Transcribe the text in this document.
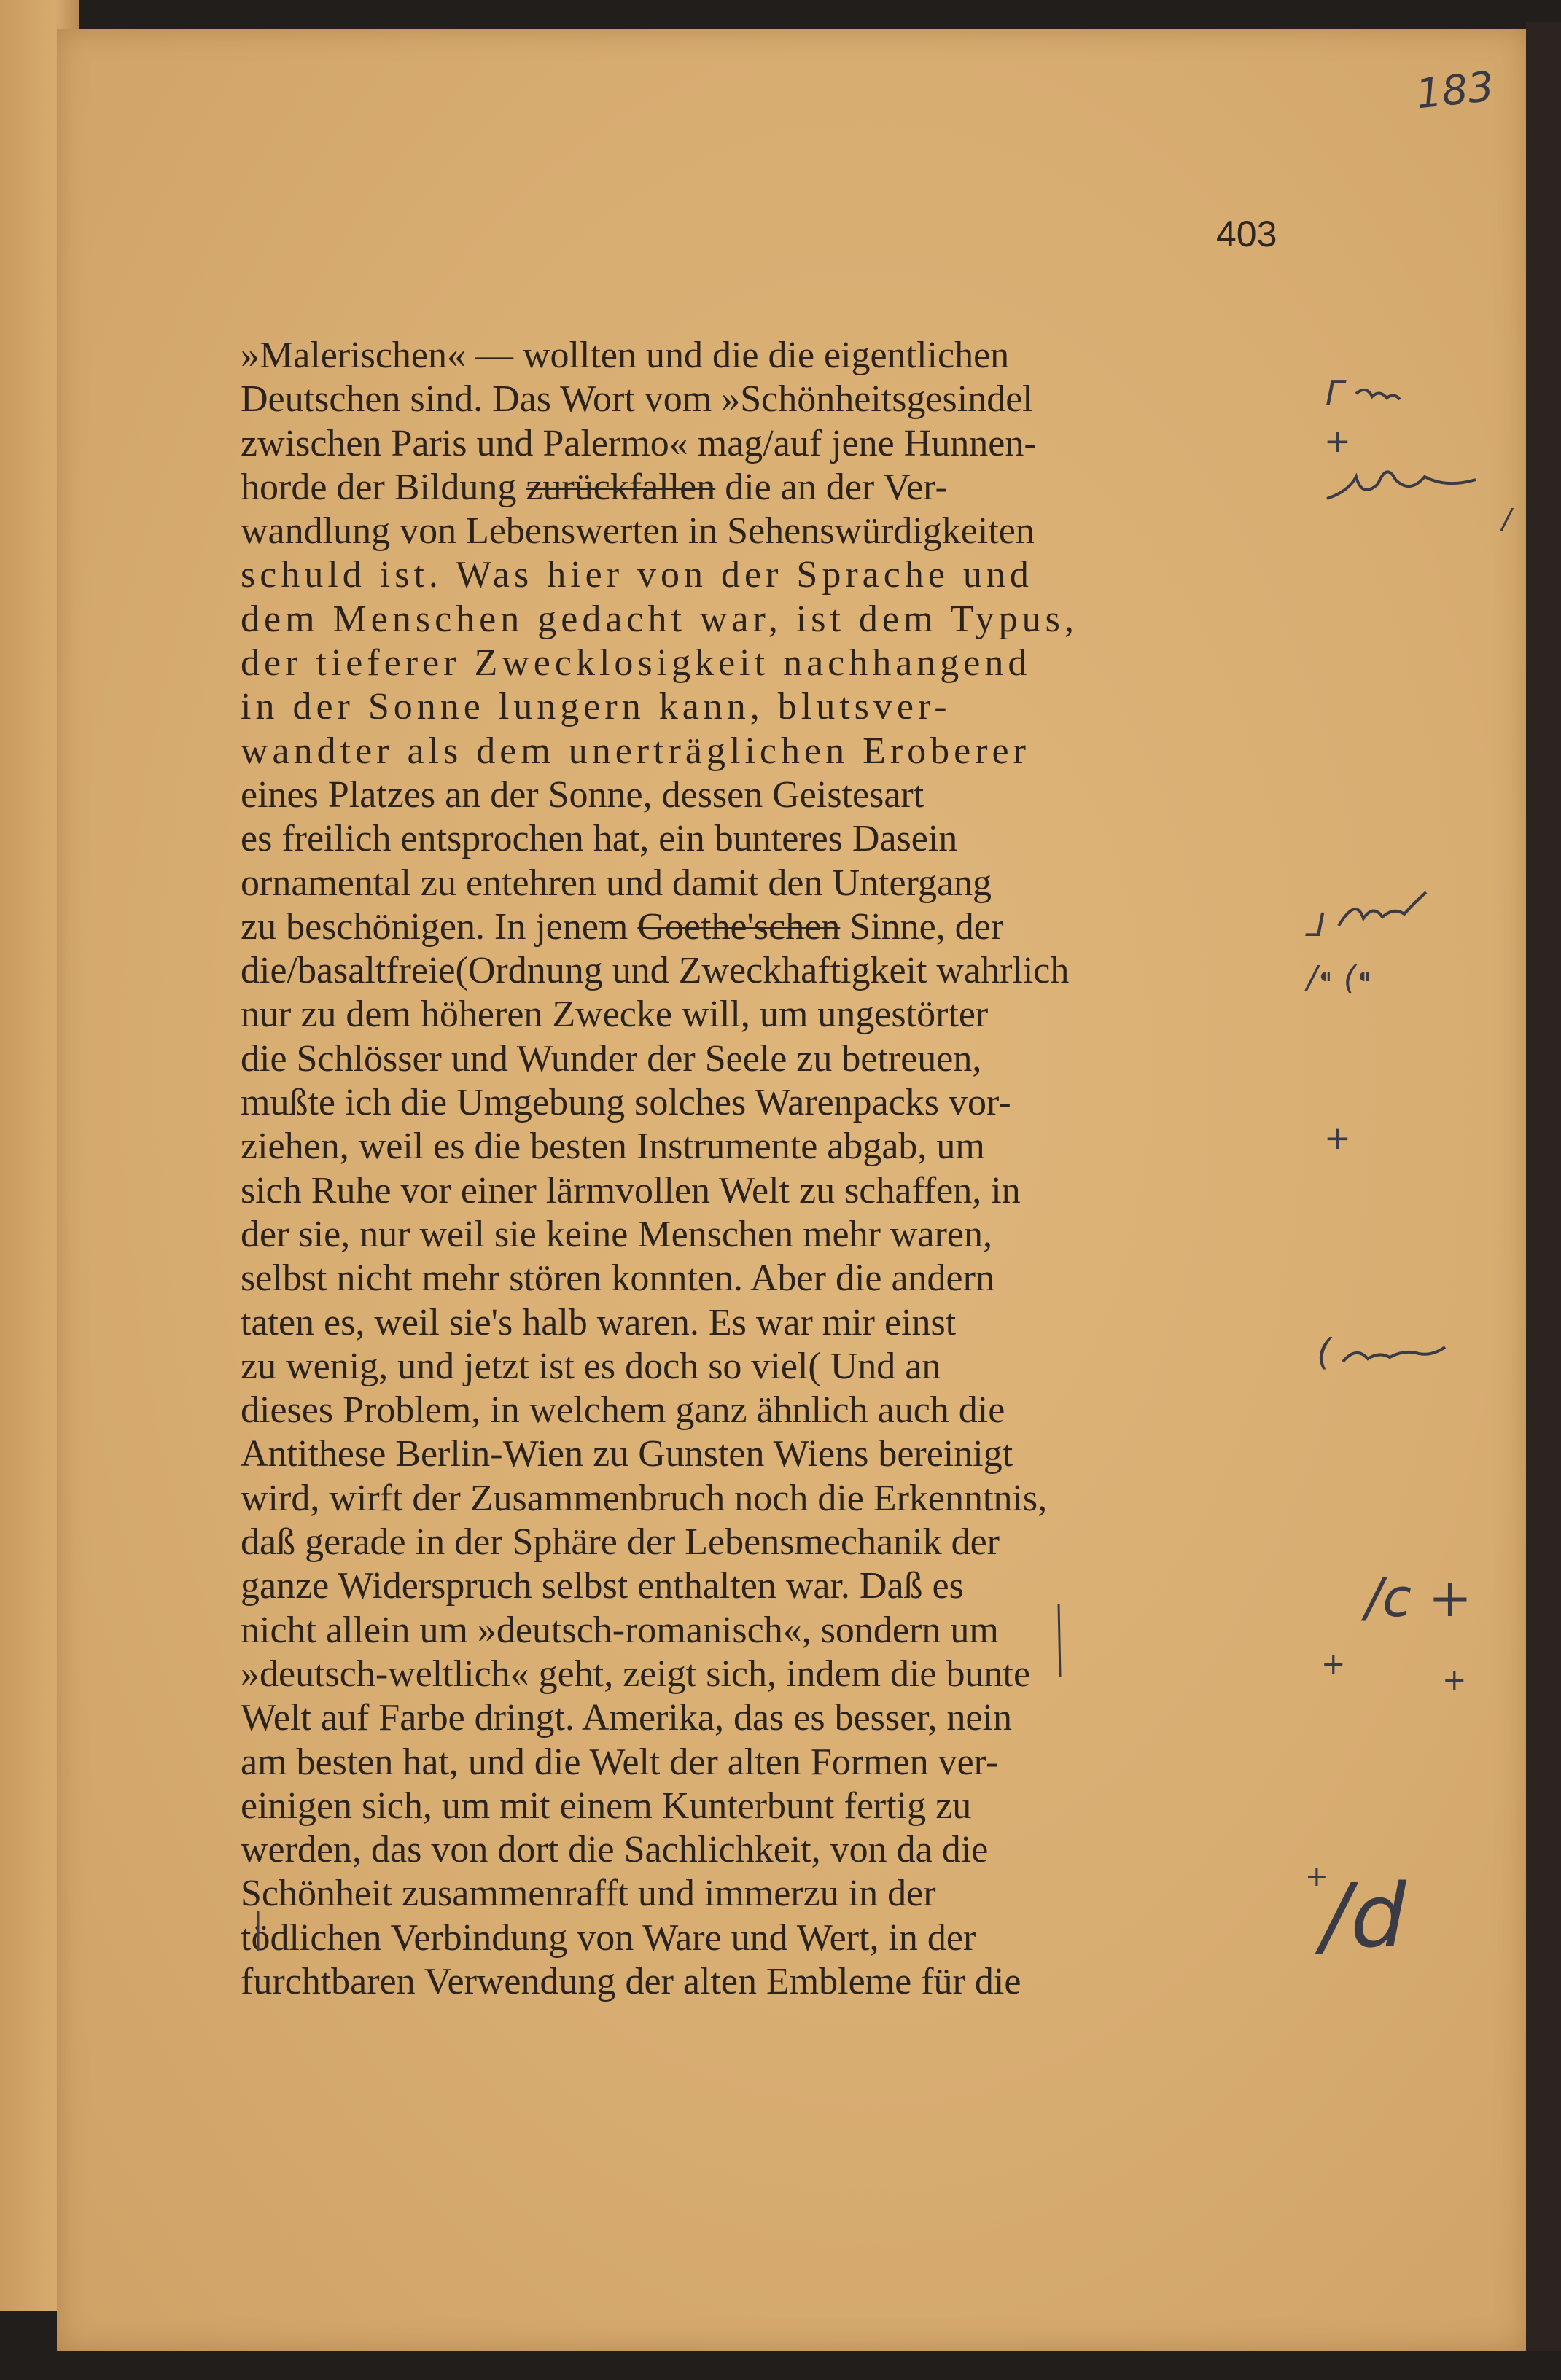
183
403
»Malerischen« — wollten und die die eigentlichen
Deutschen sind. Das Wort vom »Schönheitsgesindel
zwischen Paris und Palermo« mag/auf jene Hunnen-
horde der Bildung zurückfallen die an der Ver-
wandlung von Lebenswerten in Sehenswürdigkeiten
schuld ist. Was hier von der Sprache und
dem Menschen gedacht war, ist dem Typus,
der tieferer Zwecklosigkeit nachhangend
in der Sonne lungern kann, blutsver-
wandter als dem unerträglichen Eroberer
eines Platzes an der Sonne, dessen Geistesart
es freilich entsprochen hat, ein bunteres Dasein
ornamental zu entehren und damit den Untergang
zu beschönigen. In jenem Goethe'schen Sinne, der
die/basaltfreie(Ordnung und Zweckhaftigkeit wahrlich
nur zu dem höheren Zwecke will, um ungestörter
die Schlösser und Wunder der Seele zu betreuen,
mußte ich die Umgebung solches Warenpacks vor-
ziehen, weil es die besten Instrumente abgab, um
sich Ruhe vor einer lärmvollen Welt zu schaffen, in
der sie, nur weil sie keine Menschen mehr waren,
selbst nicht mehr stören konnten. Aber die andern
taten es, weil sie's halb waren. Es war mir einst
zu wenig, und jetzt ist es doch so viel( Und an
dieses Problem, in welchem ganz ähnlich auch die
Antithese Berlin-Wien zu Gunsten Wiens bereinigt
wird, wirft der Zusammenbruch noch die Erkenntnis,
daß gerade in der Sphäre der Lebensmechanik der
ganze Widerspruch selbst enthalten war. Daß es
nicht allein um »deutsch-romanisch«, sondern um
»deutsch-weltlich« geht, zeigt sich, indem die bunte
Welt auf Farbe dringt. Amerika, das es besser, nein
am besten hat, und die Welt der alten Formen ver-
einigen sich, um mit einem Kunterbunt fertig zu
werden, das von dort die Sachlichkeit, von da die
Schönheit zusammenrafft und immerzu in der
tödlichen Verbindung von Ware und Wert, in der
furchtbaren Verwendung der alten Embleme für die
Γ
+
/
⅃
/⁌ (⁌
+
(
/c +
+	+
+
/d
